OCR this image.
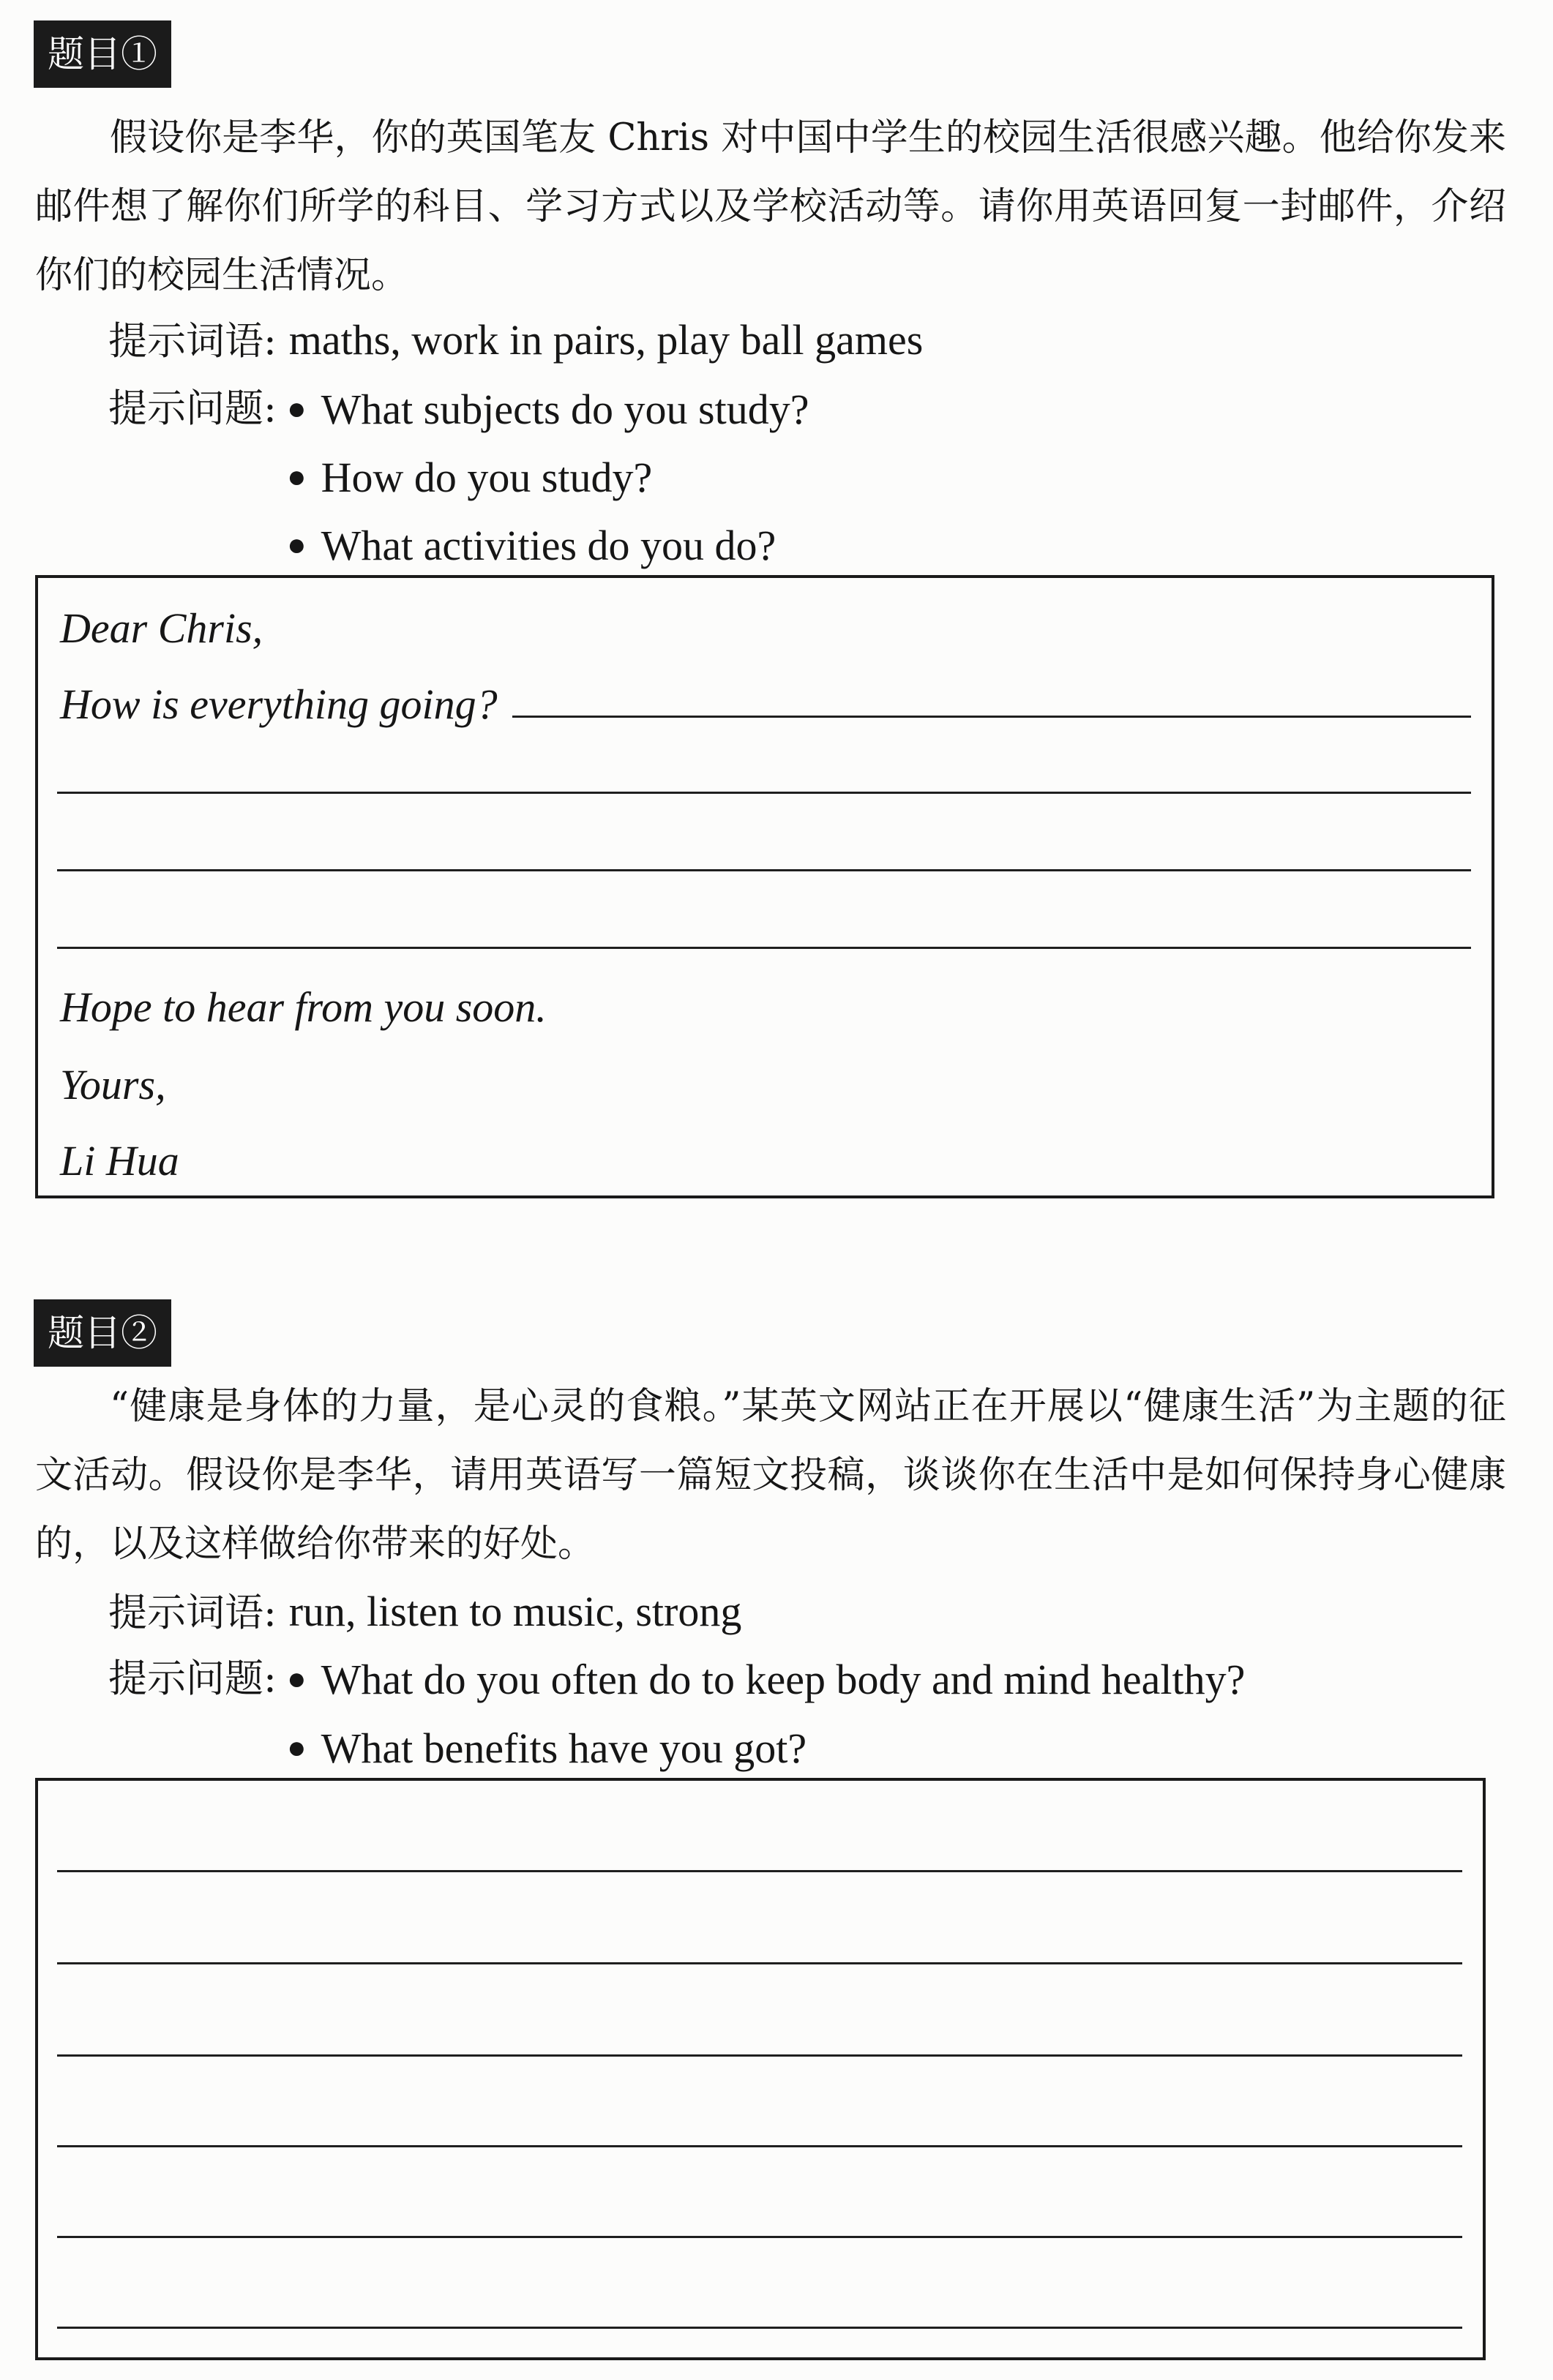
题目①

假设你是李华，你的英国笔友 Chris 对中国中学生的校园生活很感兴趣。他给你发来邮件想了解你们所学的科目、学习方式以及学校活动等。请你用英语回复一封邮件，介绍你们的校园生活情况。

提示词语: maths, work in pairs, play ball games
提示问题: ● What subjects do you study?
● How do you study?
● What activities do you do?
Dear Chris,
How is everything going?
Hope to hear from you soon.
Yours,
Li Hua
题目②

“健康是身体的力量，是心灵的食粮。”某英文网站正在开展以“健康生活”为主题的征文活动。假设你是李华，请用英语写一篇短文投稿，谈谈你在生活中是如何保持身心健康的，以及这样做给你带来的好处。

提示词语: run, listen to music, strong
提示问题: ● What do you often do to keep body and mind healthy?
● What benefits have you got?
